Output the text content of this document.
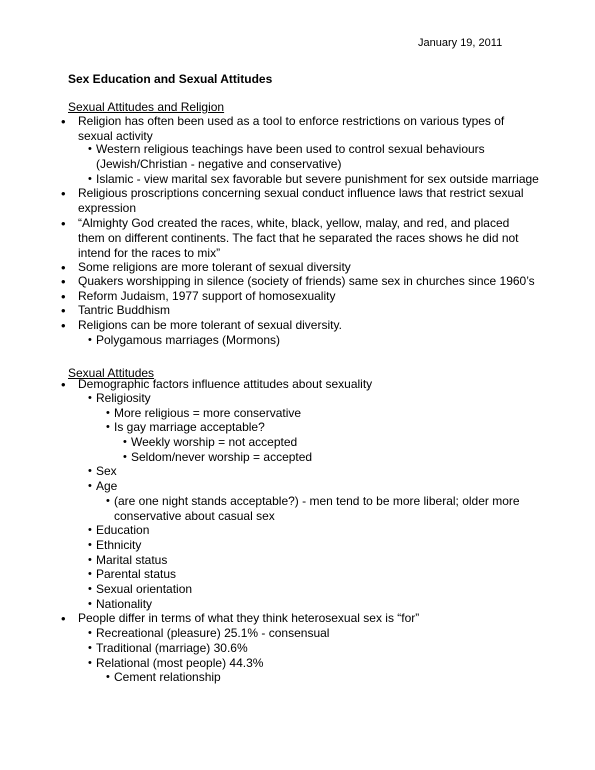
January 19, 2011
Sex Education and Sexual Attitudes
Sexual Attitudes and Religion
Sexual Attitudes
• Religion has often been used as a tool to enforce restrictions on various types of
sexual activity
• Western religious teachings have been used to control sexual behaviours
(Jewish/Christian - negative and conservative)
• Islamic - view marital sex favorable but severe punishment for sex outside marriage
• Religious proscriptions concerning sexual conduct influence laws that restrict sexual
expression
• “Almighty God created the races, white, black, yellow, malay, and red, and placed
them on different continents. The fact that he separated the races shows he did not
intend for the races to mix”
• Some religions are more tolerant of sexual diversity
• Quakers worshipping in silence (society of friends) same sex in churches since 1960’s
• Reform Judaism, 1977 support of homosexuality
• Tantric Buddhism
• Religions can be more tolerant of sexual diversity.
• Polygamous marriages (Mormons)
• Demographic factors influence attitudes about sexuality
• Religiosity
• More religious = more conservative
• Is gay marriage acceptable?
• Weekly worship = not accepted
• Seldom/never worship = accepted
• Sex
• Age
• (are one night stands acceptable?) - men tend to be more liberal; older more
conservative about casual sex
• Education
• Ethnicity
• Marital status
• Parental status
• Sexual orientation
• Nationality
• People differ in terms of what they think heterosexual sex is “for”
• Recreational (pleasure) 25.1% - consensual
• Traditional (marriage) 30.6%
• Relational (most people) 44.3%
• Cement relationship
